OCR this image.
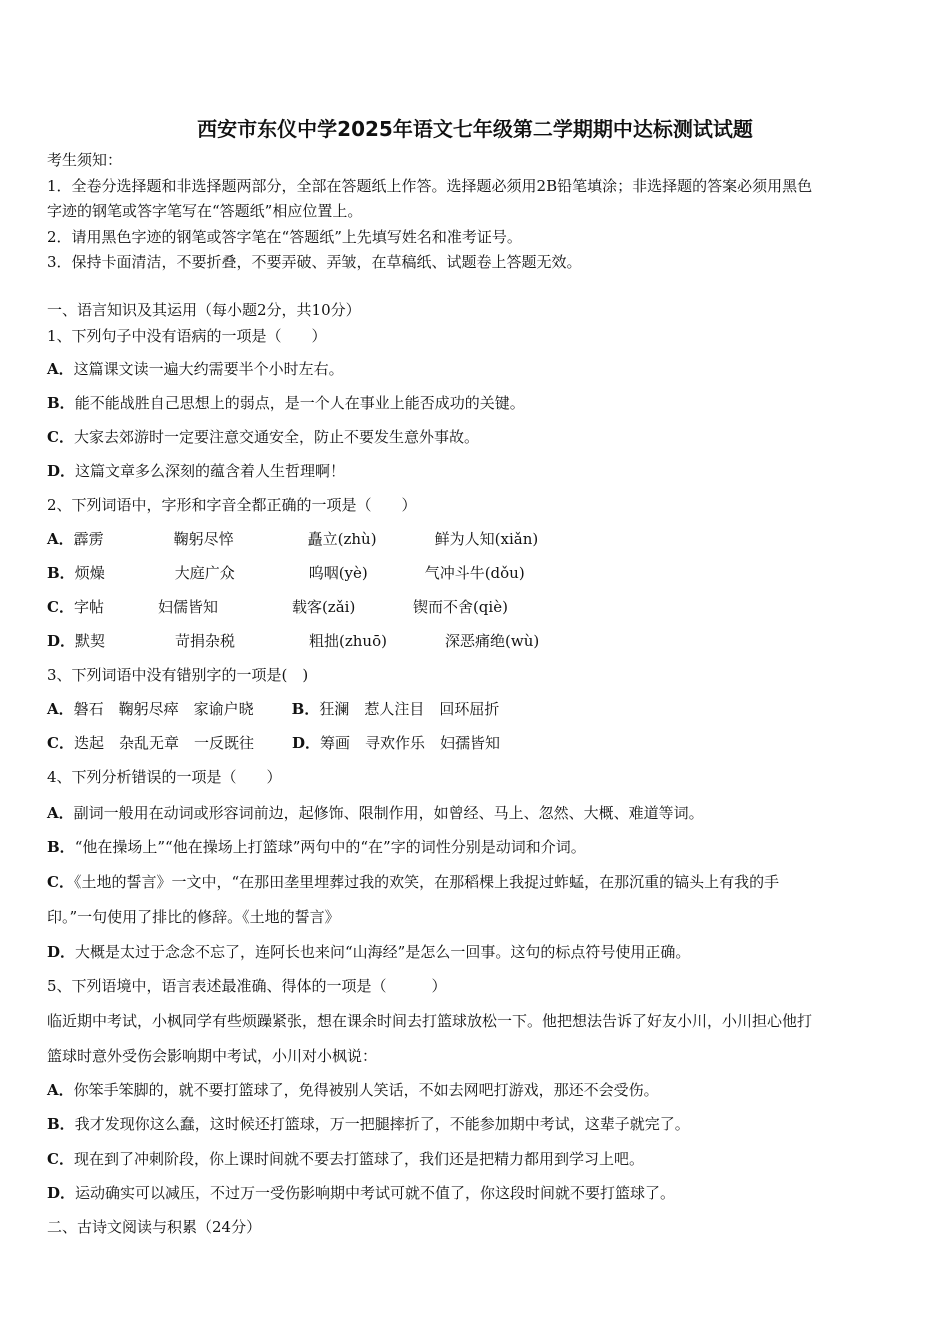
西安市东仪中学2025年语文七年级第二学期期中达标测试试题
考生须知：
1．全卷分选择题和非选择题两部分，全部在答题纸上作答。选择题必须用2B铅笔填涂；非选择题的答案必须用黑色
字迹的钢笔或答字笔写在“答题纸”相应位置上。
2．请用黑色字迹的钢笔或答字笔在“答题纸”上先填写姓名和准考证号。
3．保持卡面清洁，不要折叠，不要弄破、弄皱，在草稿纸、试题卷上答题无效。
一、语言知识及其运用（每小题2分，共10分）
1、下列句子中没有语病的一项是（　　）
A．这篇课文读一遍大约需要半个小时左右。
B．能不能战胜自己思想上的弱点，是一个人在事业上能否成功的关键。
C．大家去郊游时一定要注意交通安全，防止不要发生意外事故。
D．这篇文章多么深刻的蕴含着人生哲理啊！
2、下列词语中，字形和字音全都正确的一项是（　　）
A．霹雳	鞠躬尽悴	矗立(zhù)	鲜为人知(xiǎn)
B．烦燥	大庭广众	呜咽(yè)	气冲斗牛(dǒu)
C．字帖	妇儒皆知	载客(zǎi)	锲而不舍(qiè)
D．默契	苛捐杂税	粗拙(zhuō)	深恶痛绝(wù)
3、下列词语中没有错别字的一项是(　)
A．磐石　鞠躬尽瘁　家谕户晓	B．狂澜　惹人注目　回环屈折
C．迭起　杂乱无章　一反既往	D．筹画　寻欢作乐　妇孺皆知
4、下列分析错误的一项是（　　）
A．副词一般用在动词或形容词前边，起修饰、限制作用，如曾经、马上、忽然、大概、难道等词。
B．“他在操场上”“他在操场上打篮球”两句中的“在”字的词性分别是动词和介词。
C．《土地的誓言》一文中，“在那田垄里埋葬过我的欢笑，在那稻棵上我捉过蚱蜢，在那沉重的镐头上有我的手
印。”一句使用了排比的修辞。《土地的誓言》
D．大概是太过于念念不忘了，连阿长也来问“山海经”是怎么一回事。这句的标点符号使用正确。
5、下列语境中，语言表述最准确、得体的一项是（　　　）
临近期中考试，小枫同学有些烦躁紧张，想在课余时间去打篮球放松一下。他把想法告诉了好友小川，小川担心他打
篮球时意外受伤会影响期中考试，小川对小枫说：
A．你笨手笨脚的，就不要打篮球了，免得被别人笑话，不如去网吧打游戏，那还不会受伤。
B．我才发现你这么蠢，这时候还打篮球，万一把腿摔折了，不能参加期中考试，这辈子就完了。
C．现在到了冲刺阶段，你上课时间就不要去打篮球了，我们还是把精力都用到学习上吧。
D．运动确实可以减压，不过万一受伤影响期中考试可就不值了，你这段时间就不要打篮球了。
二、古诗文阅读与积累（24分）
